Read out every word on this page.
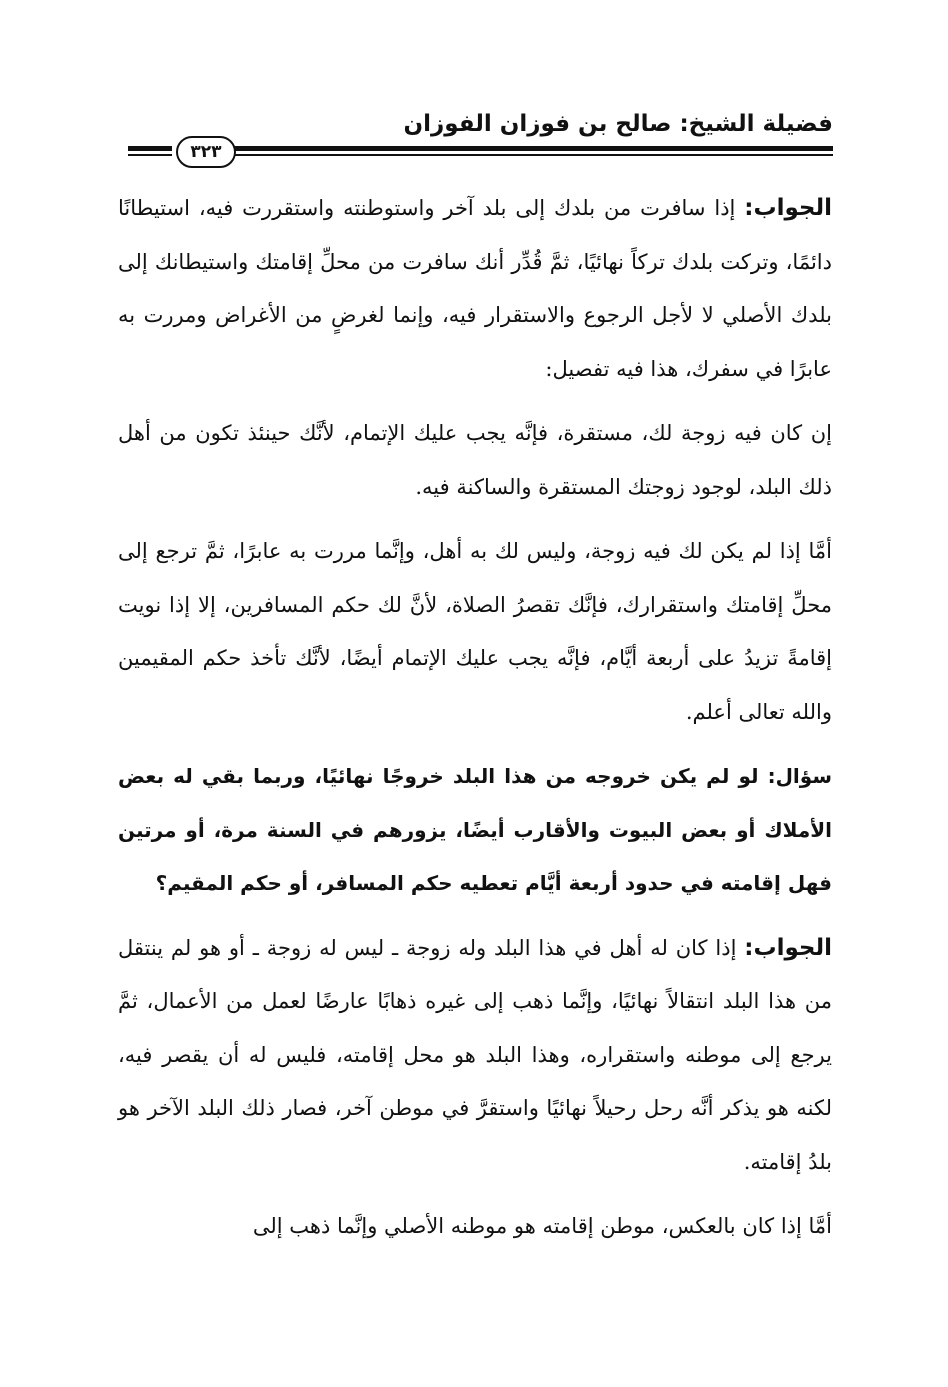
فضيلة الشيخ: صالح بن فوزان الفوزان
٣٢٣

الجواب: إذا سافرت من بلدك إلى بلد آخر واستوطنته واستقررت فيه، استيطانًا دائمًا، وتركت بلدك تركاً نهائيًا، ثمَّ قُدِّر أنك سافرت من محلِّ إقامتك واستيطانك إلى بلدك الأصلي لا لأجل الرجوع والاستقرار فيه، وإنما لغرضٍ من الأغراض ومررت به عابرًا في سفرك، هذا فيه تفصيل:

إن كان فيه زوجة لك، مستقرة، فإنَّه يجب عليك الإتمام، لأنَّك حينئذ تكون من أهل ذلك البلد، لوجود زوجتك المستقرة والساكنة فيه.

أمَّا إذا لم يكن لك فيه زوجة، وليس لك به أهل، وإنَّما مررت به عابرًا، ثمَّ ترجع إلى محلِّ إقامتك واستقرارك، فإنَّك تقصرُ الصلاة، لأنَّ لك حكم المسافرين، إلا إذا نويت إقامةً تزيدُ على أربعة أيَّام، فإنَّه يجب عليك الإتمام أيضًا، لأنَّك تأخذ حكم المقيمين والله تعالى أعلم.

سؤال: لو لم يكن خروجه من هذا البلد خروجًا نهائيًا، وربما بقي له بعض الأملاك أو بعض البيوت والأقارب أيضًا، يزورهم في السنة مرة، أو مرتين فهل إقامته في حدود أربعة أيَّام تعطيه حكم المسافر، أو حكم المقيم؟

الجواب: إذا كان له أهل في هذا البلد وله زوجة ـ ليس له زوجة ـ أو هو لم ينتقل من هذا البلد انتقالاً نهائيًا، وإنَّما ذهب إلى غيره ذهابًا عارضًا لعمل من الأعمال، ثمَّ يرجع إلى موطنه واستقراره، وهذا البلد هو محل إقامته، فليس له أن يقصر فيه، لكنه هو يذكر أنَّه رحل رحيلاً نهائيًا واستقرَّ في موطن آخر، فصار ذلك البلد الآخر هو بلدُ إقامته.

أمَّا إذا كان بالعكس، موطن إقامته هو موطنه الأصلي وإنَّما ذهب إلى
